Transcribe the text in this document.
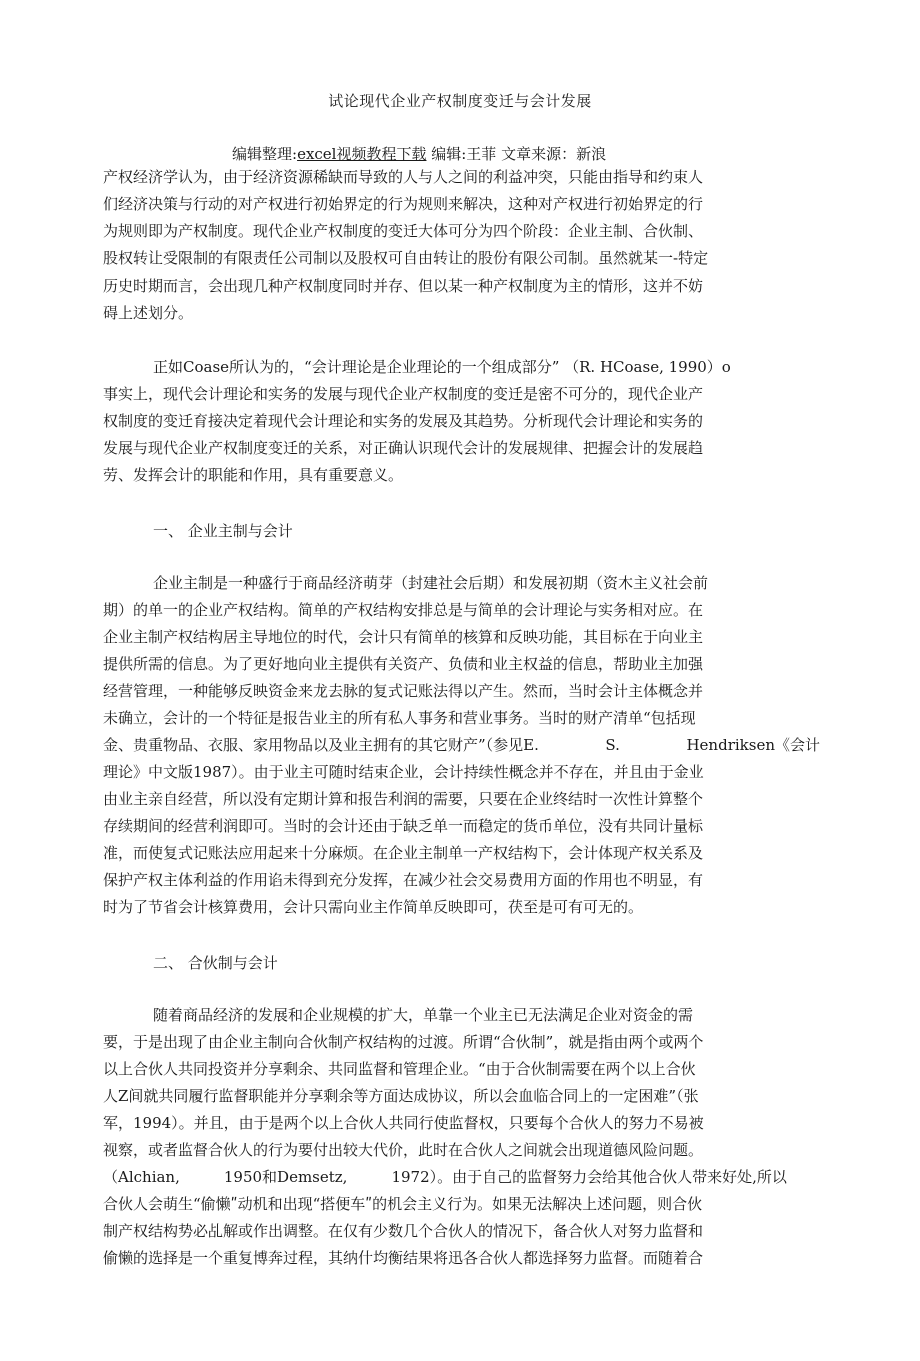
试论现代企业产权制度变迁与会计发展
编辑整理:excel视频教程下载 编辑:王菲 文章来源：新浪
产权经济学认为，由于经济资源稀缺而导致的人与人之间的利益冲突，只能由指导和约束人
们经济决策与行动的对产权进行初始界定的行为规则来解决，这种对产权进行初始界定的行
为规则即为产权制度。现代企业产权制度的变迁大体可分为四个阶段：企业主制、合伙制、
股权转让受限制的有限责任公司制以及股权可自由转让的股份有限公司制。虽然就某一-特定
历史时期而言，会出现几种产权制度同时并存、但以某一种产权制度为主的情形，这并不妨
碍上述划分。
正如Coase所认为的，“会计理论是企业理论的一个组成部分” （R. HCoase, 1990）o
事实上，现代会计理论和实务的发展与现代企业产权制度的变迁是密不可分的，现代企业产
权制度的变迁育接决定着现代会计理论和实务的发展及其趋势。分析现代会计理论和实务的
发展与现代企业产权制度变迁的关系，对正确认识现代会计的发展规律、把握会计的发展趋
劳、发挥会计的职能和作用，具有重要意义。
一、 企业主制与会计
企业主制是一种盛行于商品经济萌芽（封建社会后期）和发展初期（资木主义社会前
期）的单一的企业产权结构。简单的产权结构安排总是与简单的会计理论与实务相对应。在
企业主制产权结构居主导地位的时代，会计只有简单的核算和反映功能，其目标在于向业主
提供所需的信息。为了更好地向业主提供有关资产、负债和业主权益的信息，帮助业主加强
经营管理，一种能够反映资金来龙去脉的复式记账法得以产生。然而，当时会计主体概念并
未确立，会计的一个特征是报告业主的所有私人事务和营业事务。当时的财产清单“包括现
金、贵重物品、衣服、家用物品以及业主拥有的其它财产”（参见E.	S.	Hendriksen《会计
理论》中文版1987）。由于业主可随时结束企业，会计持续性概念并不存在，并且由于金业
由业主亲自经营，所以没有定期计算和报告利润的需要，只要在企业终结时一次性计算整个
存续期间的经营利润即可。当时的会计还由于缺乏单一而稳定的货币单位，没有共同计量标
准，而使复式记账法应用起来十分麻烦。在企业主制单一产权结构下，会计体现产权关系及
保护产权主体利益的作用谄未得到充分发挥，在减少社会交易费用方面的作用也不明显，有
时为了节省会计核算费用，会计只需向业主作简单反映即可，茯至是可有可无的。
二、 合伙制与会计
随着商品经济的发展和企业规模的扩大，单靠一个业主已无法满足企业对资金的需
要，于是出现了由企业主制向合伙制产权结构的过渡。所谓“合伙制”，就是指由两个或两个
以上合伙人共同投资并分享剩余、共同监督和管理企业。“由于合伙制需要在两个以上合伙
人Z间就共同履行监督职能并分享剩余等方面达成协议，所以会血临合同上的一定困难”（张
军，1994）。并且，由于是两个以上合伙人共同行使监督权，只要每个合伙人的努力不易被
视察，或者监督合伙人的行为要付出较大代价，此时在合伙人之间就会出现道德风险问题。
（Alchian,	1950和Demsetz,	1972）。由于自己的监督努力会给其他合伙人带来好处,所以
合伙人会萌生“偷懒ʺ动机和出现“搭便车ʺ的机会主义行为。如果无法解决上述问题，则合伙
制产权结构势必乩解或作出调整。在仅有少数几个合伙人的情况下，备合伙人对努力监督和
偷懒的选择是一个重复博奔过程，其纳什均衡结果将迅各合伙人都选择努力监督。而随着合
